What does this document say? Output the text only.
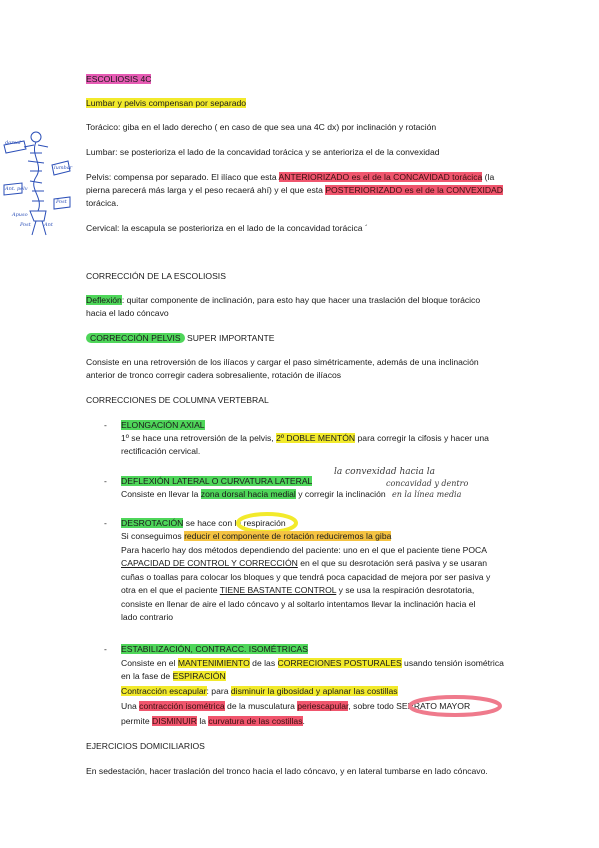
ESCOLIOSIS 4C
Lumbar y pelvis compensan por separado
Torácico: giba en el lado derecho ( en caso de que sea una 4C dx) por inclinación y rotación
Lumbar: se posterioriza el lado de la concavidad torácica y se anterioriza el de la convexidad
Pelvis: compensa por separado. El ilíaco que esta ANTERIORIZADO es el de la CONCAVIDAD torácica (la
pierna parecerá más larga y el peso recaerá ahí) y el que esta POSTERIORIZADO es el de la CONVEXIDAD
torácica.
Cervical: la escapula se posterioriza en el lado de la concavidad torácica ´
CORRECCIÓN DE LA ESCOLIOSIS
Deflexión: quitar componente de inclinación, para esto hay que hacer una traslación del bloque torácico
hacia el lado cóncavo
CORRECCIÓN PELVIS SUPER IMPORTANTE
Consiste en una retroversión de los ilíacos y cargar el paso simétricamente, además de una inclinación
anterior de tronco corregir cadera sobresaliente, rotación de ilíacos
CORRECCIONES DE COLUMNA VERTEBRAL
- ELONGACIÓN AXIAL
1º se hace una retroversión de la pelvis, 2º DOBLE MENTÓN para corregir la cifosis y hacer una
rectificación cervical.
- DEFLEXIÓN LATERAL O CURVATURA LATERAL
Consiste en llevar la zona dorsal hacia medial y corregir la inclinación
la convexidad hacia la
concavidad y dentro
en la línea media
- DESROTACIÓN se hace con la respiración
Si conseguimos reducir el componente de rotación reduciremos la giba
Para hacerlo hay dos métodos dependiendo del paciente: uno en el que el paciente tiene POCA
CAPACIDAD DE CONTROL Y CORRECCIÓN en el que su desrotación será pasiva y se usaran
cuñas o toallas para colocar los bloques y que tendrá poca capacidad de mejora por ser pasiva y
otra en el que el paciente TIENE BASTANTE CONTROL y se usa la respiración desrotatoria,
consiste en llenar de aire el lado cóncavo y al soltarlo intentamos llevar la inclinación hacia el
lado contrario
- ESTABILIZACIÓN, CONTRACC. ISOMÉTRICAS
Consiste en el MANTENIMIENTO de las CORRECIONES POSTURALES usando tensión isométrica
en la fase de ESPIRACIÓN
Contracción escapular: para disminuir la gibosidad y aplanar las costillas
Una contracción isométrica de la musculatura periescapular, sobre todo SERRATO MAYOR
permite DISMINUIR la curvatura de las costillas.
EJERCICIOS DOMICILIARIOS
En sedestación, hacer traslación del tronco hacia el lado cóncavo, y en lateral tumbarse en lado cóncavo.
dorsal
lumbar
Ant. pelv
Post
Apuso
Post	Ant
